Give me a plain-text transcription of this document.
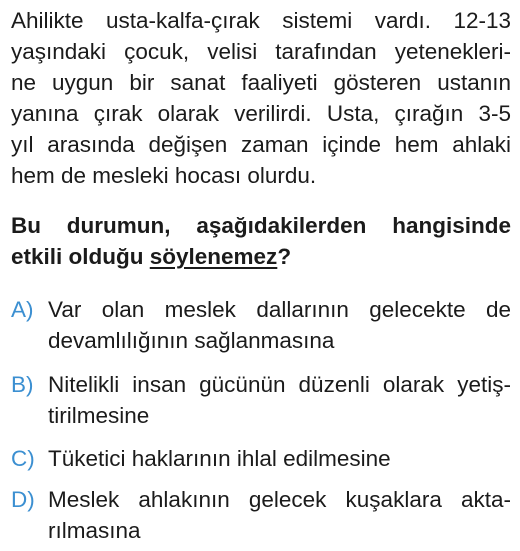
Ahilikte usta-kalfa-çırak sistemi vardı. 12-13
yaşındaki çocuk, velisi tarafından yetenekleri-
ne uygun bir sanat faaliyeti gösteren ustanın
yanına çırak olarak verilirdi. Usta, çırağın 3-5
yıl arasında değişen zaman içinde hem ahlaki
hem de mesleki hocası olurdu.
Bu durumun, aşağıdakilerden hangisinde
etkili olduğu söylenemez?
A) Var olan meslek dallarının gelecekte de
devamlılığının sağlanmasına
B) Nitelikli insan gücünün düzenli olarak yetiş-
tirilmesine
C) Tüketici haklarının ihlal edilmesine
D) Meslek ahlakının gelecek kuşaklara akta-
rılmasına
